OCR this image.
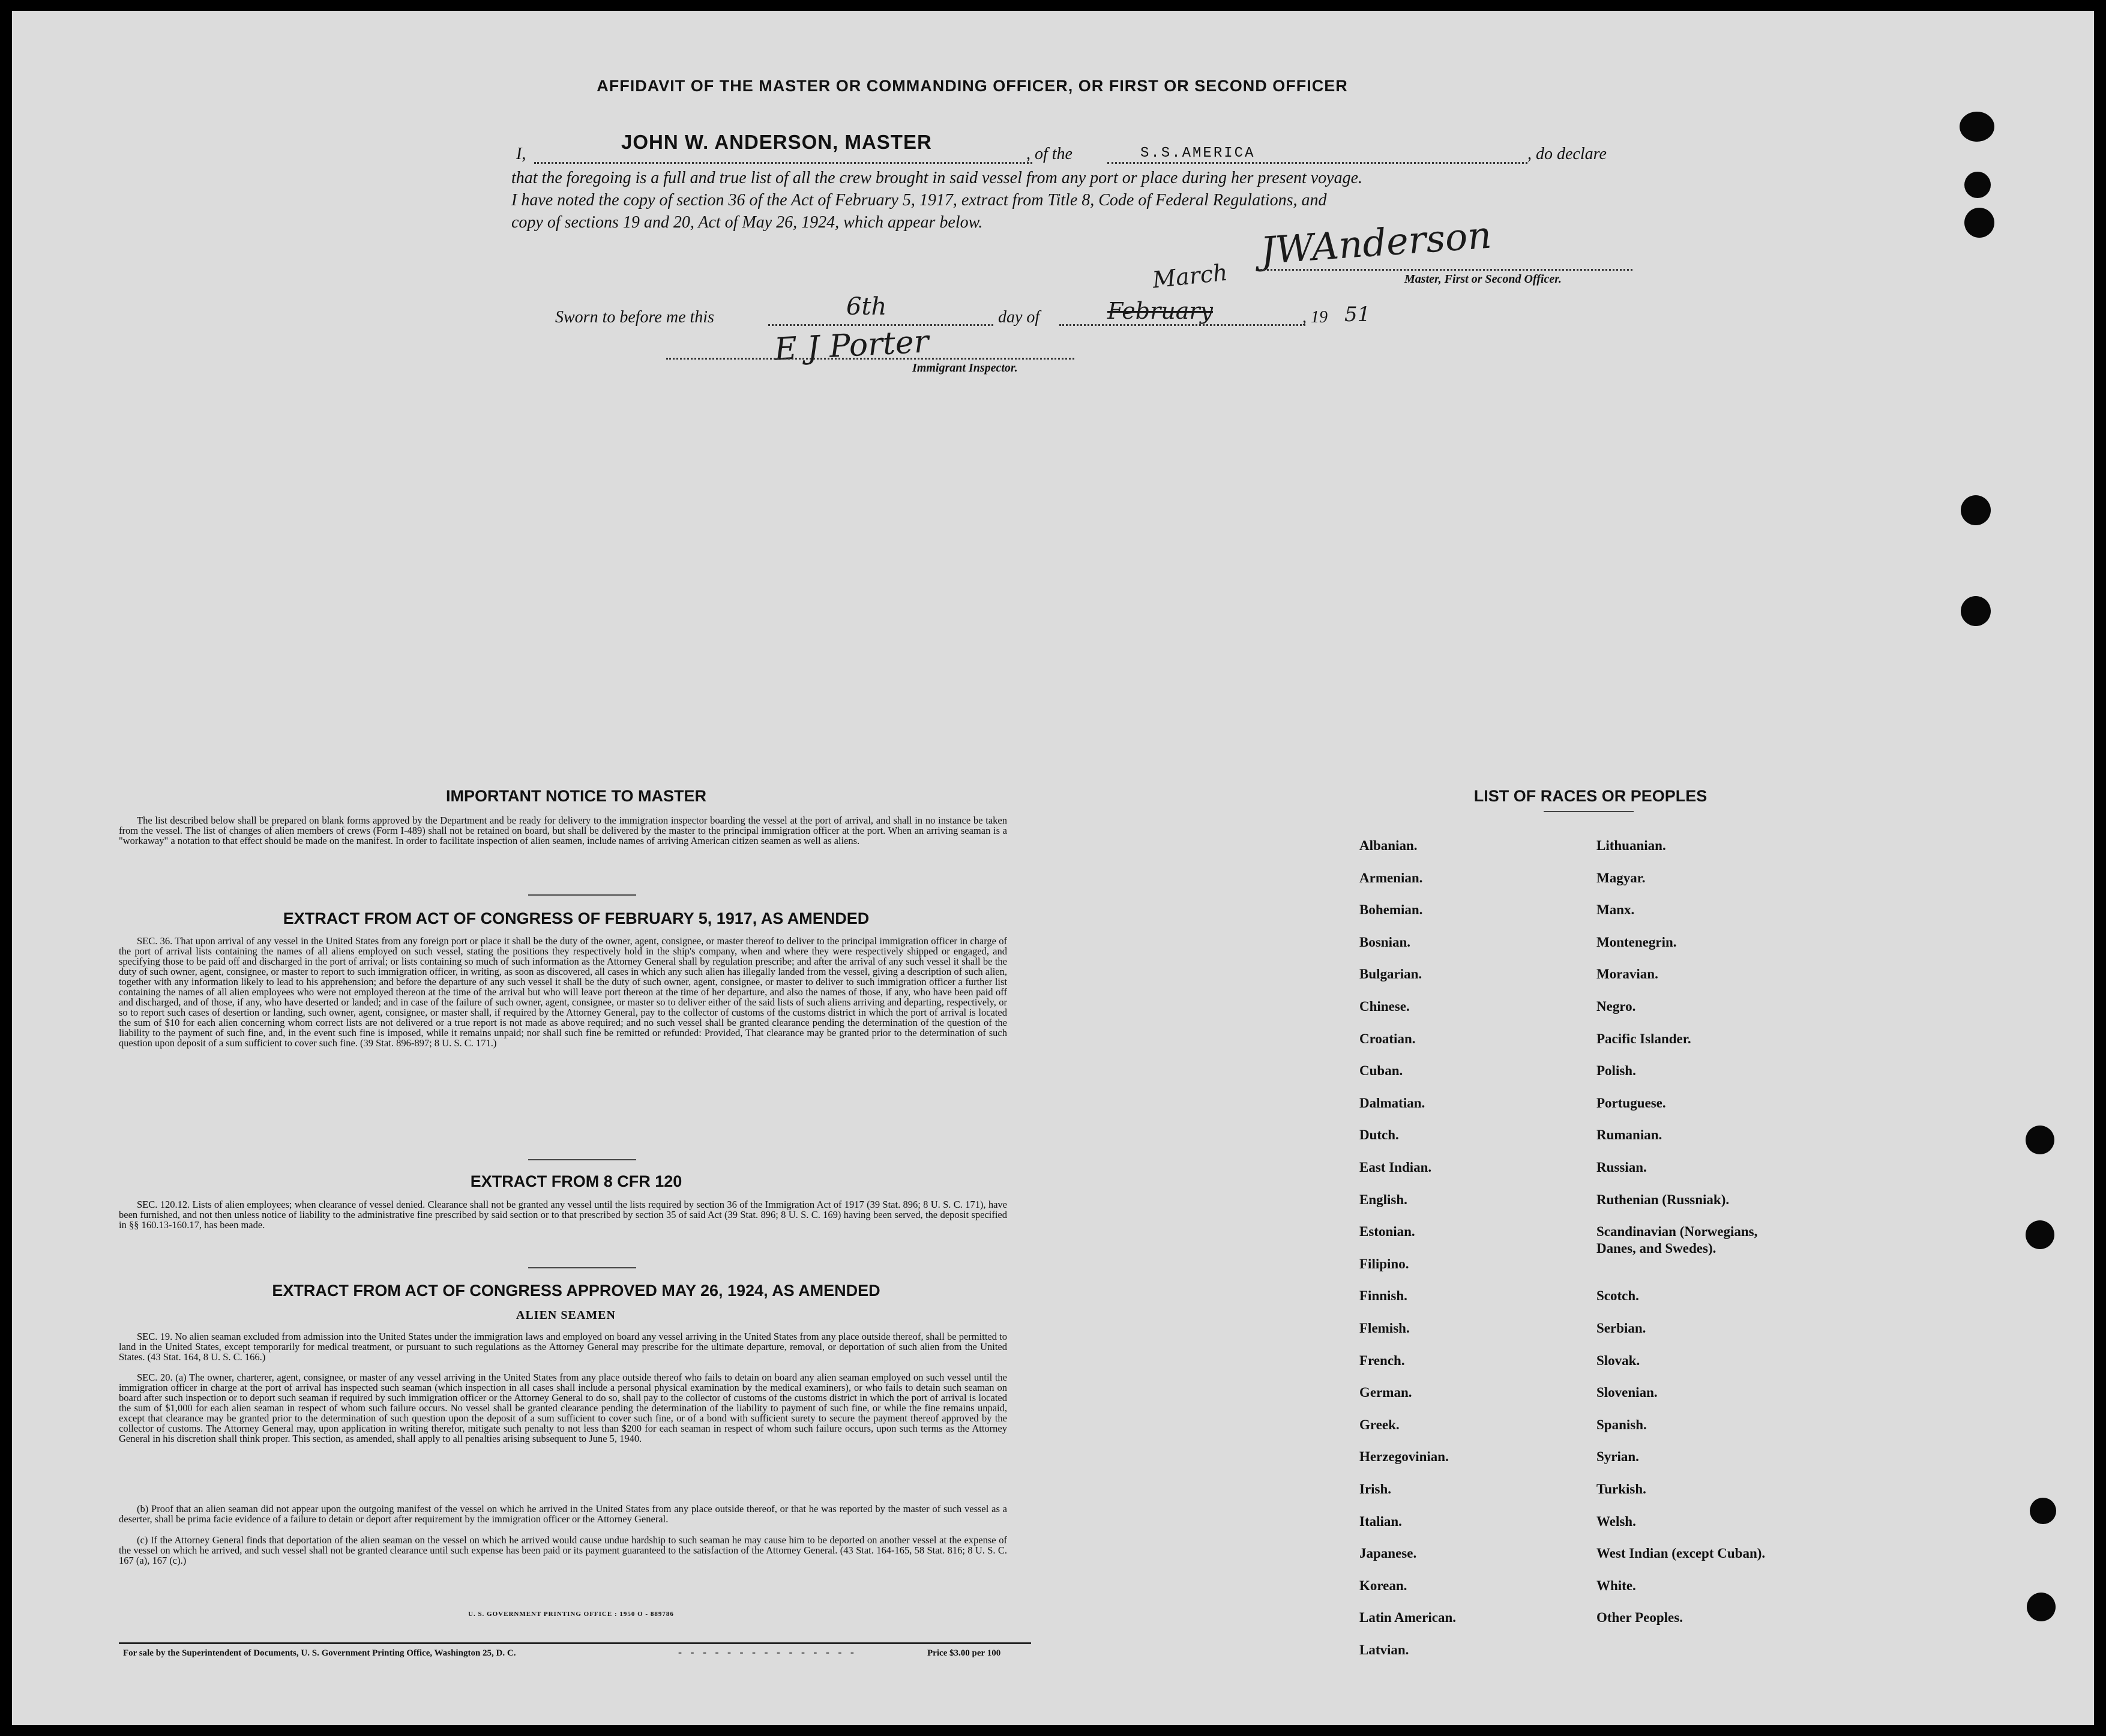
AFFIDAVIT OF THE MASTER OR COMMANDING OFFICER, OR FIRST OR SECOND OFFICER
I,
JOHN W. ANDERSON, MASTER
, of the	S.S.AMERICA	, do declare
that the foregoing is a full and true list of all the crew brought in said vessel from any port or place during her present voyage.
I have noted the copy of section 36 of the Act of February 5, 1917, extract from Title 8, Code of Federal Regulations, and
copy of sections 19 and 20, Act of May 26, 1924, which appear below.	JWAnderson
Master, First or Second Officer.
Sworn to before me this	6th	day of	February
March
, 19 51
E J Porter
Immigrant Inspector.
IMPORTANT NOTICE TO MASTER
The list described below shall be prepared on blank forms approved by the Department and be ready for delivery to the immigration inspector boarding the vessel at the port of arrival, and shall in no instance be taken from the vessel. The list of changes of alien members of crews (Form I-489) shall not be retained on board, but shall be delivered by the master to the principal immigration officer at the port. When an arriving seaman is a "workaway" a notation to that effect should be made on the manifest. In order to facilitate inspection of alien seamen, include names of arriving American citizen seamen as well as aliens.
EXTRACT FROM ACT OF CONGRESS OF FEBRUARY 5, 1917, AS AMENDED
SEC. 36. That upon arrival of any vessel in the United States from any foreign port or place it shall be the duty of the owner, agent, consignee, or master thereof to deliver to the principal immigration officer in charge of the port of arrival lists containing the names of all aliens employed on such vessel, stating the positions they respectively hold in the ship's company, when and where they were respectively shipped or engaged, and specifying those to be paid off and discharged in the port of arrival; or lists containing so much of such information as the Attorney General shall by regulation prescribe; and after the arrival of any such vessel it shall be the duty of such owner, agent, consignee, or master to report to such immigration officer, in writing, as soon as discovered, all cases in which any such alien has illegally landed from the vessel, giving a description of such alien, together with any information likely to lead to his apprehension; and before the departure of any such vessel it shall be the duty of such owner, agent, consignee, or master to deliver to such immigration officer a further list containing the names of all alien employees who were not employed thereon at the time of the arrival but who will leave port thereon at the time of her departure, and also the names of those, if any, who have been paid off and discharged, and of those, if any, who have deserted or landed; and in case of the failure of such owner, agent, consignee, or master so to deliver either of the said lists of such aliens arriving and departing, respectively, or so to report such cases of desertion or landing, such owner, agent, consignee, or master shall, if required by the Attorney General, pay to the collector of customs of the customs district in which the port of arrival is located the sum of $10 for each alien concerning whom correct lists are not delivered or a true report is not made as above required; and no such vessel shall be granted clearance pending the determination of the question of the liability to the payment of such fine, and, in the event such fine is imposed, while it remains unpaid; nor shall such fine be remitted or refunded: Provided, That clearance may be granted prior to the determination of such question upon deposit of a sum sufficient to cover such fine. (39 Stat. 896-897; 8 U. S. C. 171.)
EXTRACT FROM 8 CFR 120
SEC. 120.12. Lists of alien employees; when clearance of vessel denied. Clearance shall not be granted any vessel until the lists required by section 36 of the Immigration Act of 1917 (39 Stat. 896; 8 U. S. C. 171), have been furnished, and not then unless notice of liability to the administrative fine prescribed by said section or to that prescribed by section 35 of said Act (39 Stat. 896; 8 U. S. C. 169) having been served, the deposit specified in §§ 160.13-160.17, has been made.
EXTRACT FROM ACT OF CONGRESS APPROVED MAY 26, 1924, AS AMENDED
ALIEN SEAMEN
SEC. 19. No alien seaman excluded from admission into the United States under the immigration laws and employed on board any vessel arriving in the United States from any place outside thereof, shall be permitted to land in the United States, except temporarily for medical treatment, or pursuant to such regulations as the Attorney General may prescribe for the ultimate departure, removal, or deportation of such alien from the United States. (43 Stat. 164, 8 U. S. C. 166.)
SEC. 20. (a) The owner, charterer, agent, consignee, or master of any vessel arriving in the United States from any place outside thereof who fails to detain on board any alien seaman employed on such vessel until the immigration officer in charge at the port of arrival has inspected such seaman (which inspection in all cases shall include a personal physical examination by the medical examiners), or who fails to detain such seaman on board after such inspection or to deport such seaman if required by such immigration officer or the Attorney General to do so, shall pay to the collector of customs of the customs district in which the port of arrival is located the sum of $1,000 for each alien seaman in respect of whom such failure occurs. No vessel shall be granted clearance pending the determination of the liability to payment of such fine, or while the fine remains unpaid, except that clearance may be granted prior to the determination of such question upon the deposit of a sum sufficient to cover such fine, or of a bond with sufficient surety to secure the payment thereof approved by the collector of customs. The Attorney General may, upon application in writing therefor, mitigate such penalty to not less than $200 for each seaman in respect of whom such failure occurs, upon such terms as the Attorney General in his discretion shall think proper. This section, as amended, shall apply to all penalties arising subsequent to June 5, 1940.
(b) Proof that an alien seaman did not appear upon the outgoing manifest of the vessel on which he arrived in the United States from any place outside thereof, or that he was reported by the master of such vessel as a deserter, shall be prima facie evidence of a failure to detain or deport after requirement by the immigration officer or the Attorney General.
(c) If the Attorney General finds that deportation of the alien seaman on the vessel on which he arrived would cause undue hardship to such seaman he may cause him to be deported on another vessel at the expense of the vessel on which he arrived, and such vessel shall not be granted clearance until such expense has been paid or its payment guaranteed to the satisfaction of the Attorney General. (43 Stat. 164-165, 58 Stat. 816; 8 U. S. C. 167 (a), 167 (c).)
U. S. GOVERNMENT PRINTING OFFICE : 1950 O - 889786
For sale by the Superintendent of Documents, U. S. Government Printing Office, Washington 25, D. C.	- - - - - - - - - - - - - - -	Price $3.00 per 100
LIST OF RACES OR PEOPLES
Albanian.
Armenian.
Bohemian.
Bosnian.
Bulgarian.
Chinese.
Croatian.
Cuban.
Dalmatian.
Dutch.
East Indian.
English.
Estonian.
Filipino.
Finnish.
Flemish.
French.
German.
Greek.
Herzegovinian.
Irish.
Italian.
Japanese.
Korean.
Latin American.
Latvian.
Lithuanian.
Magyar.
Manx.
Montenegrin.
Moravian.
Negro.
Pacific Islander.
Polish.
Portuguese.
Rumanian.
Russian.
Ruthenian (Russniak).
Scandinavian (Norwegians,
Danes, and Swedes).
Scotch.
Serbian.
Slovak.
Slovenian.
Spanish.
Syrian.
Turkish.
Welsh.
West Indian (except Cuban).
White.
Other Peoples.
